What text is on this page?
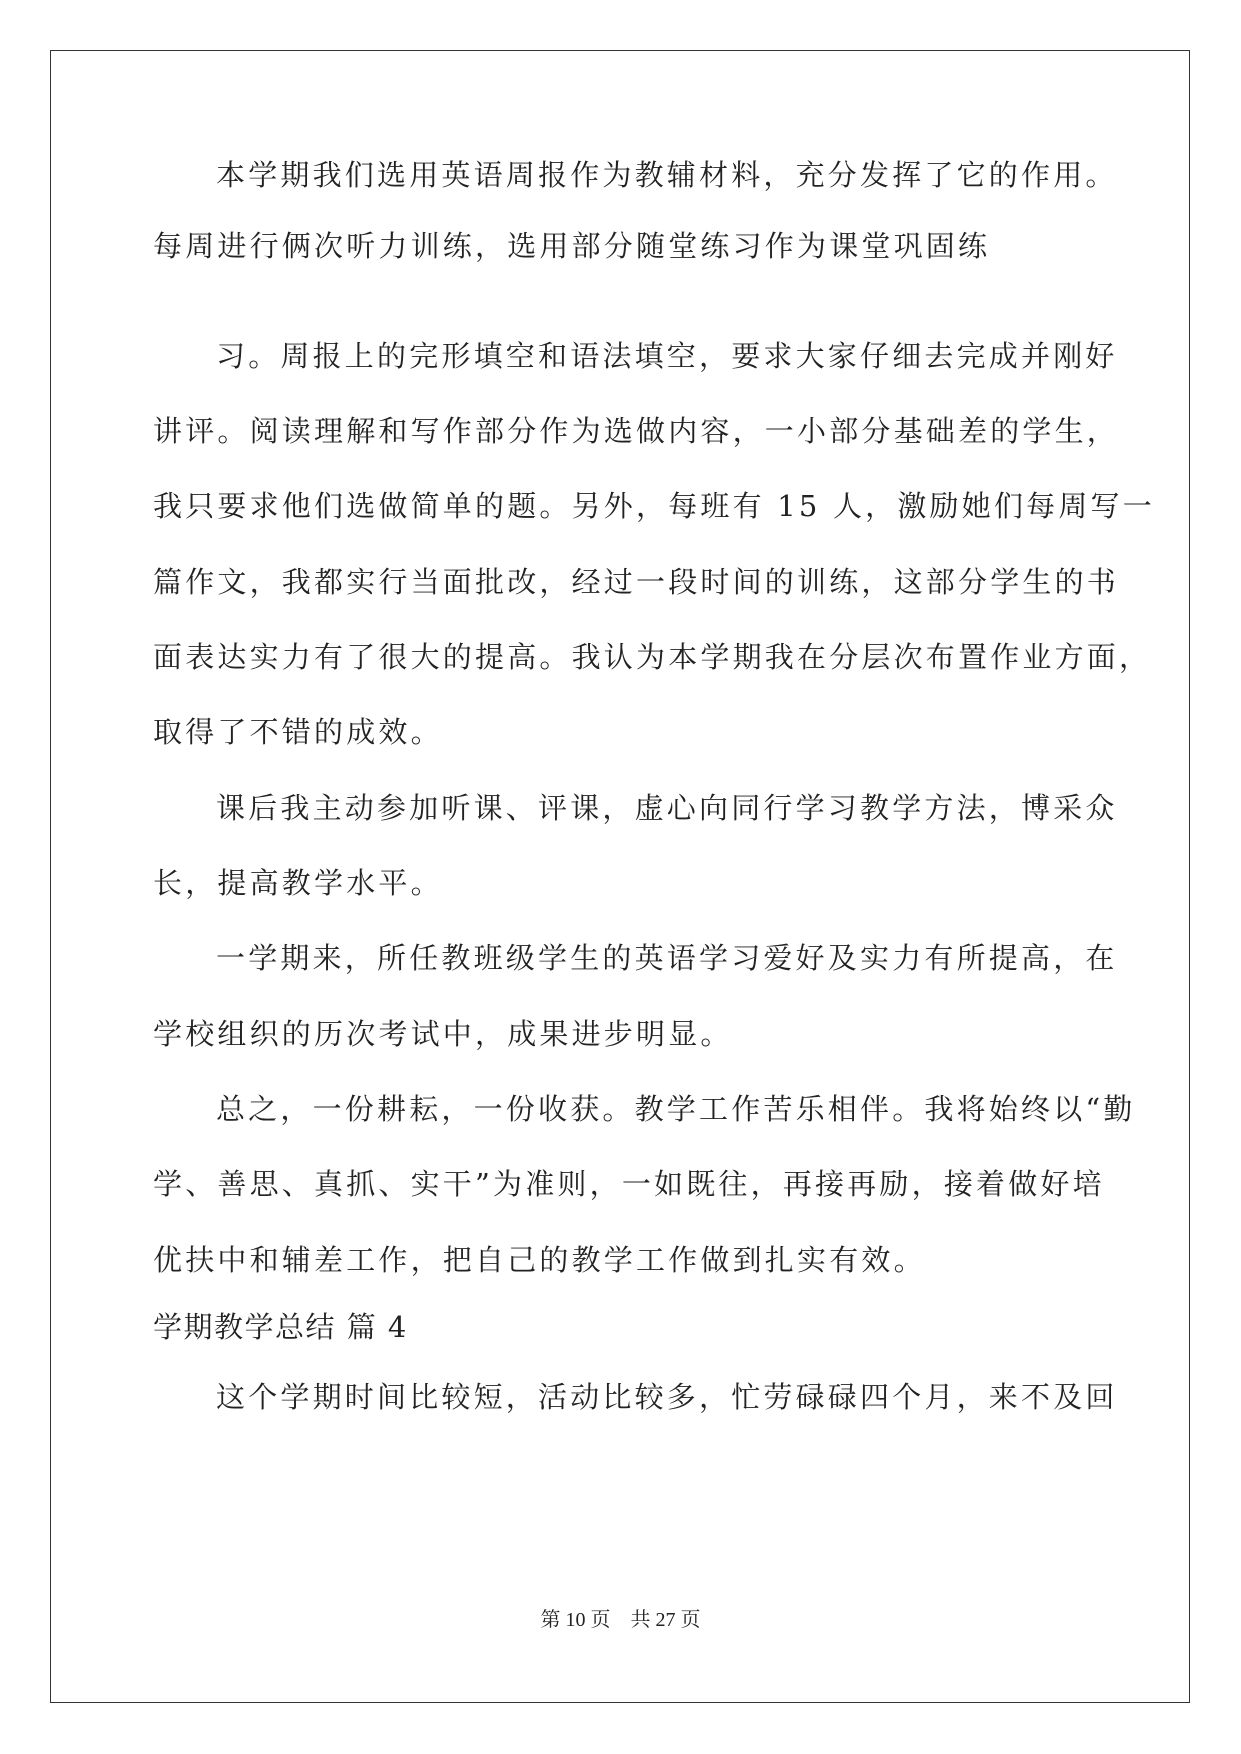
本学期我们选用英语周报作为教辅材料，充分发挥了它的作用。
每周进行俩次听力训练，选用部分随堂练习作为课堂巩固练
习。周报上的完形填空和语法填空，要求大家仔细去完成并刚好
讲评。阅读理解和写作部分作为选做内容，一小部分基础差的学生，
我只要求他们选做简单的题。另外，每班有 15 人，激励她们每周写一
篇作文，我都实行当面批改，经过一段时间的训练，这部分学生的书
面表达实力有了很大的提高。我认为本学期我在分层次布置作业方面，
取得了不错的成效。
课后我主动参加听课、评课，虚心向同行学习教学方法，博采众
长，提高教学水平。
一学期来，所任教班级学生的英语学习爱好及实力有所提高，在
学校组织的历次考试中，成果进步明显。
总之，一份耕耘，一份收获。教学工作苦乐相伴。我将始终以“勤
学、善思、真抓、实干”为准则，一如既往，再接再励，接着做好培
优扶中和辅差工作，把自己的教学工作做到扎实有效。
学期教学总结 篇 4
这个学期时间比较短，活动比较多，忙劳碌碌四个月，来不及回
第 10 页 共 27 页
